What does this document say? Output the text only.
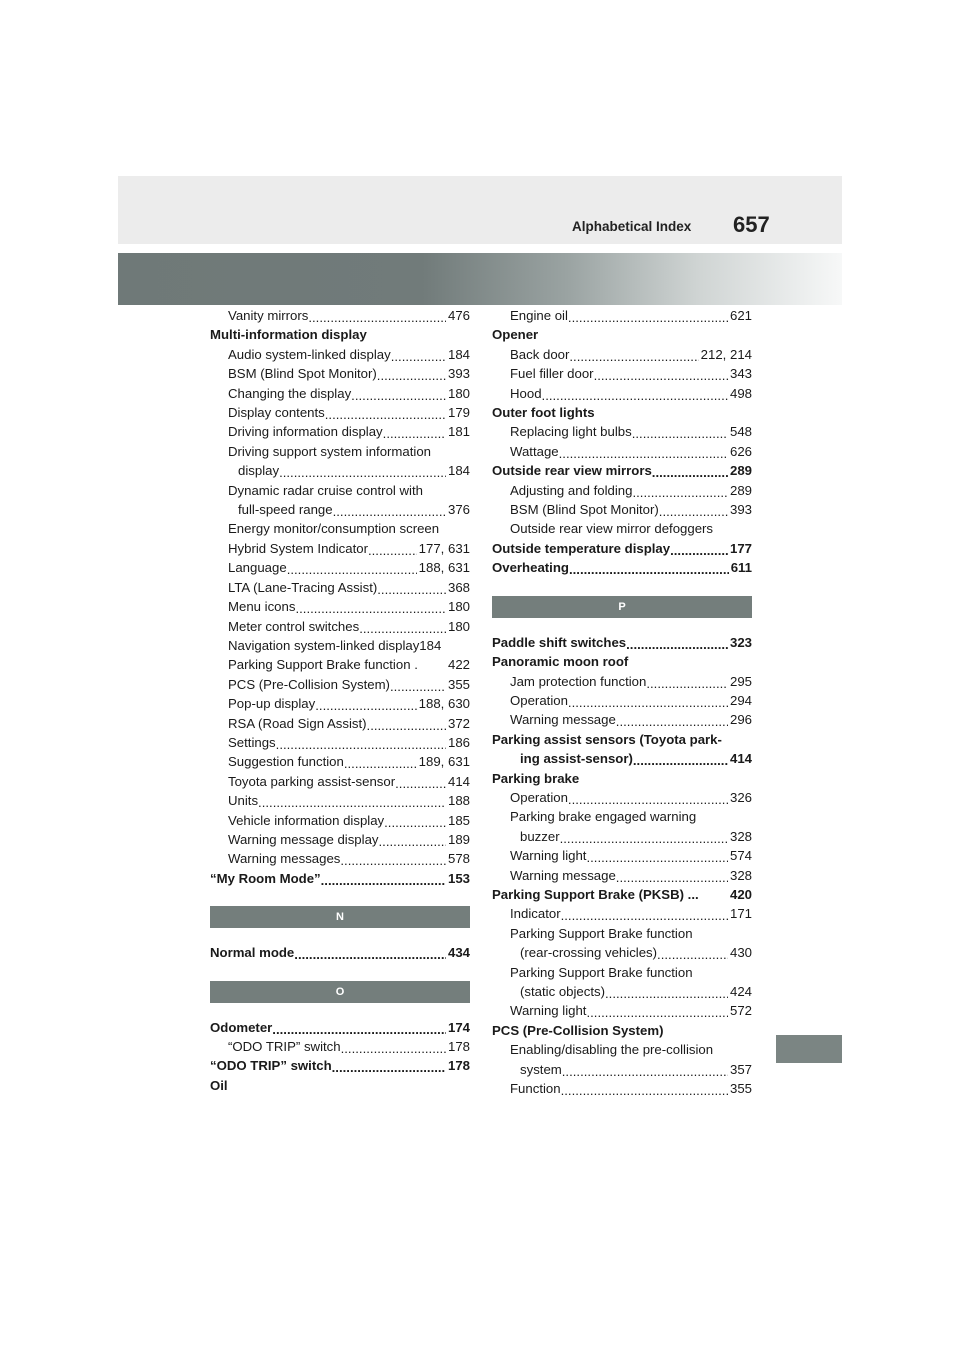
Alphabetical Index 657
Vanity mirrors .....	476
Multi-information display
Audio system-linked display .....	184
BSM (Blind Spot Monitor) .....	393
Changing the display .....	180
Display contents .....	179
Driving information display .....	181
Driving support system information
display .....	184
Dynamic radar cruise control with
full-speed range .....	376
Energy monitor/consumption screen
Hybrid System Indicator .....	177, 631
Language .....	188, 631
LTA (Lane-Tracing Assist) .....	368
Menu icons .....	180
Meter control switches .....	180
Navigation system-linked display184
Parking Support Brake function . 422
PCS (Pre-Collision System) .....	355
Pop-up display .....	188, 630
RSA (Road Sign Assist) .....	372
Settings .....	186
Suggestion function .....	189, 631
Toyota parking assist-sensor .....	414
Units .....	188
Vehicle information display .....	185
Warning message display .....	189
Warning messages .....	578
“My Room Mode” .....	153
N
Normal mode .....	434
O
Odometer .....	174
“ODO TRIP” switch .....	178
“ODO TRIP” switch .....	178
Oil
Engine oil .....	621
Opener
Back door .....	212, 214
Fuel filler door .....	343
Hood .....	498
Outer foot lights
Replacing light bulbs .....	548
Wattage .....	626
Outside rear view mirrors .....	289
Adjusting and folding .....	289
BSM (Blind Spot Monitor) .....	393
Outside rear view mirror defoggers
Outside temperature display .....	177
Overheating .....	611
P
Paddle shift switches .....	323
Panoramic moon roof
Jam protection function .....	295
Operation .....	294
Warning message .....	296
Parking assist sensors (Toyota park-
ing assist-sensor) .....	414
Parking brake
Operation .....	326
Parking brake engaged warning
buzzer .....	328
Warning light .....	574
Warning message .....	328
Parking Support Brake (PKSB) ... 420
Indicator .....	171
Parking Support Brake function
(rear-crossing vehicles) .....	430
Parking Support Brake function
(static objects) .....	424
Warning light .....	572
PCS (Pre-Collision System)
Enabling/disabling the pre-collision
system .....	357
Function .....	355
